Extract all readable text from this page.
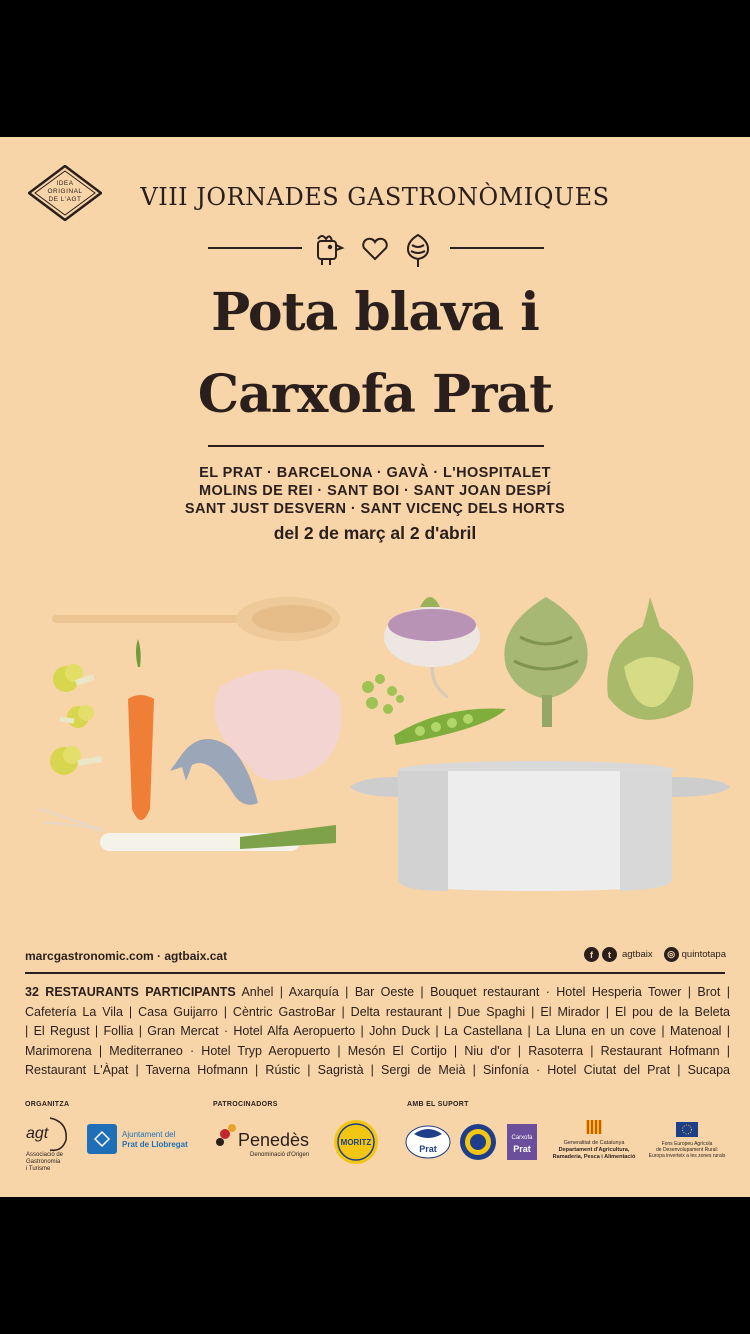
IDEA
ORIGINAL
DE L'AGT	VIII JORNADES GASTRONÒMIQUES
Pota blava i
Carxofa Prat
EL PRAT · BARCELONA · GAVÀ · L'HOSPITALET
MOLINS DE REI · SANT BOI · SANT JOAN DESPÍ
SANT JUST DESVERN · SANT VICENÇ DELS HORTS
del 2 de març al 2 d'abril
marcgastronomic.com · agtbaix.cat	f	t	agtbaix	◎ quintotapa
32 RESTAURANTS PARTICIPANTS Anhel | Axarquía | Bar Oeste | Bouquet restaurant · Hotel Hesperia Tower | Brot |
Cafetería La Vila | Casa Guijarro | Cèntric GastroBar | Delta restaurant | Due Spaghi | El Mirador | El pou de la Beleta
| El Regust | Follia | Gran Mercat · Hotel Alfa Aeropuerto | John Duck | La Castellana | La Lluna en un cove | Matenoal |
Marimorena | Mediterraneo · Hotel Tryp Aeropuerto | Mesón El Cortijo | Niu d'or | Rasoterra | Restaurant Hofmann |
Restaurant L'Àpat | Taverna Hofmann | Rústic | Sagristà | Sergi de Meià | Sinfonía · Hotel Ciutat del Prat | Sucapa
ORGANITZA	PATROCINADORS	AMB EL SUPORT
agt
Associació de
Gastronomia
i Turisme
Ajuntament del
Prat de Llobregat	Penedès
Denominació d'Origen
MORITZ
Prat
Carxofa
Prat
Generalitat de Catalunya
Departament d'Agricultura,
Ramaderia, Pesca i Alimentació
Fons Europeu Agrícola
de Desenvolupament Rural:
Europa inverteix a les zones rurals
